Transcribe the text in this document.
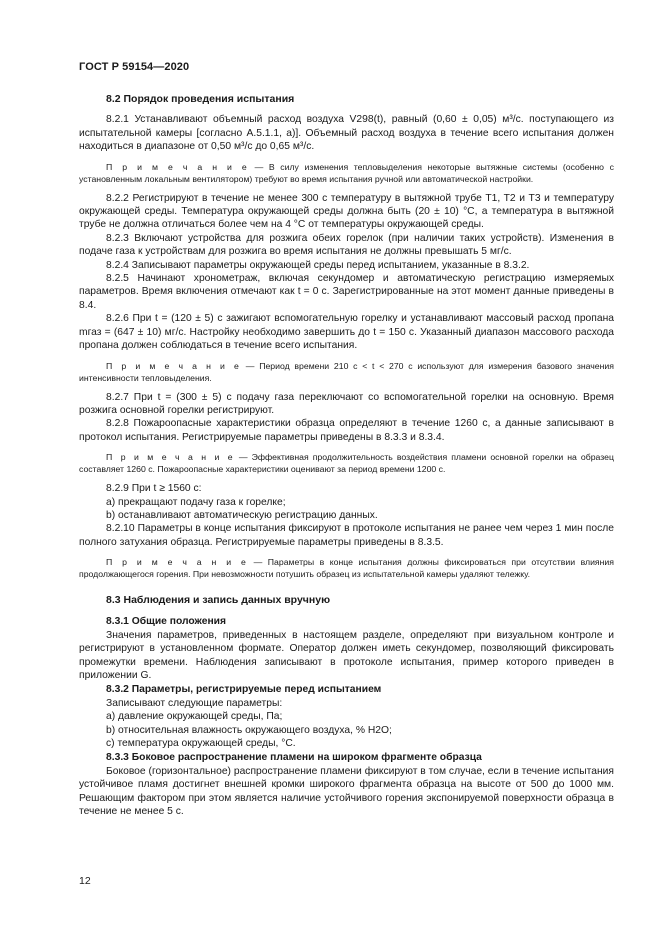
ГОСТ Р 59154—2020
8.2 Порядок проведения испытания

8.2.1 Устанавливают объемный расход воздуха V298(t), равный (0,60 ± 0,05) м³/с. поступающего из испытательной камеры [согласно А.5.1.1, а)]. Объемный расход воздуха в течение всего испытания должен находиться в диапазоне от 0,50 м³/с до 0,65 м³/с.

П р и м е ч а н и е — В силу изменения тепловыделения некоторые вытяжные системы (особенно с установленным локальным вентилятором) требуют во время испытания ручной или автоматической настройки.

8.2.2 Регистрируют в течение не менее 300 с температуру в вытяжной трубе T1, T2 и T3 и температуру окружающей среды. Температура окружающей среды должна быть (20 ± 10) °С, а температура в вытяжной трубе не должна отличаться более чем на 4 °С от температуры окружающей среды.

8.2.3 Включают устройства для розжига обеих горелок (при наличии таких устройств). Изменения в подаче газа к устройствам для розжига во время испытания не должны превышать 5 мг/с.

8.2.4 Записывают параметры окружающей среды перед испытанием, указанные в 8.3.2.

8.2.5 Начинают хронометраж, включая секундомер и автоматическую регистрацию измеряемых параметров. Время включения отмечают как t = 0 с. Зарегистрированные на этот момент данные приведены в 8.4.

8.2.6 При t = (120 ± 5) с зажигают вспомогательную горелку и устанавливают массовый расход пропана mгаз = (647 ± 10) мг/с. Настройку необходимо завершить до t = 150 с. Указанный диапазон массового расхода пропана должен соблюдаться в течение всего испытания.

П р и м е ч а н и е — Период времени 210 с < t < 270 с используют для измерения базового значения интенсивности тепловыделения.

8.2.7 При t = (300 ± 5) с подачу газа переключают со вспомогательной горелки на основную. Время розжига основной горелки регистрируют.

8.2.8 Пожароопасные характеристики образца определяют в течение 1260 с, а данные записывают в протокол испытания. Регистрируемые параметры приведены в 8.3.3 и 8.3.4.

П р и м е ч а н и е — Эффективная продолжительность воздействия пламени основной горелки на образец составляет 1260 с. Пожароопасные характеристики оценивают за период времени 1200 с.

8.2.9 При t ≥ 1560 с:

a) прекращают подачу газа к горелке;
b) останавливают автоматическую регистрацию данных.

8.2.10 Параметры в конце испытания фиксируют в протоколе испытания не ранее чем через 1 мин после полного затухания образца. Регистрируемые параметры приведены в 8.3.5.

П р и м е ч а н и е — Параметры в конце испытания должны фиксироваться при отсутствии влияния продолжающегося горения. При невозможности потушить образец из испытательной камеры удаляют тележку.

8.3 Наблюдения и запись данных вручную
8.3.1 Общие положения

Значения параметров, приведенных в настоящем разделе, определяют при визуальном контроле и регистрируют в установленном формате. Оператор должен иметь секундомер, позволяющий фиксировать промежутки времени. Наблюдения записывают в протоколе испытания, пример которого приведен в приложении G.

8.3.2 Параметры, регистрируемые перед испытанием

Записывают следующие параметры:

a) давление окружающей среды, Па;
b) относительная влажность окружающего воздуха, % Н2О;
c) температура окружающей среды, °С.
8.3.3 Боковое распространение пламени на широком фрагменте образца

Боковое (горизонтальное) распространение пламени фиксируют в том случае, если в течение испытания устойчивое пламя достигнет внешней кромки широкого фрагмента образца на высоте от 500 до 1000 мм. Решающим фактором при этом является наличие устойчивого горения экспонируемой поверхности образца в течение не менее 5 с.

12
